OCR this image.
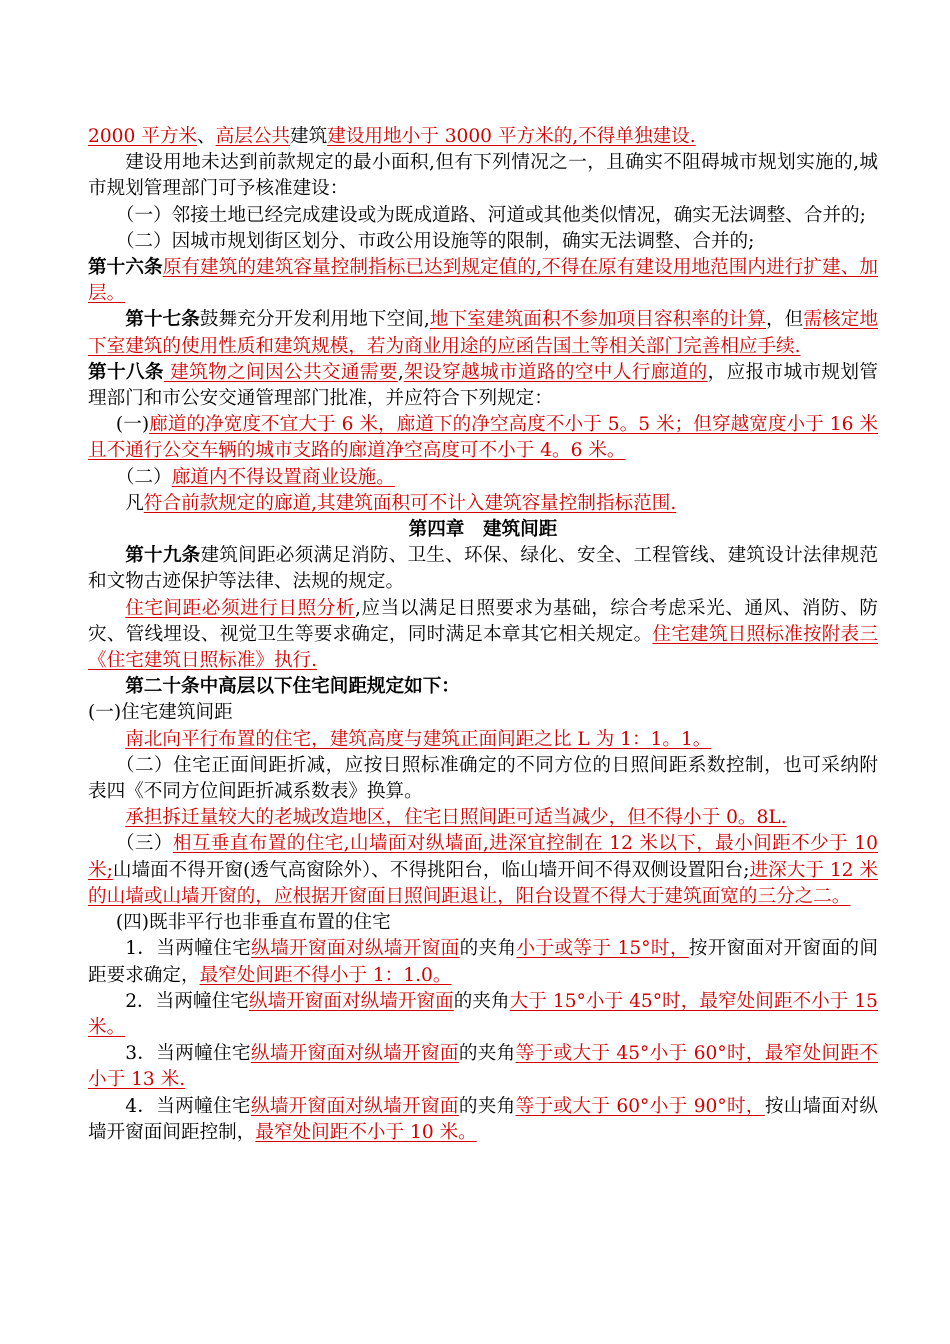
2000 平方米、高层公共建筑建设用地小于 3000 平方米的,不得单独建设.

建设用地未达到前款规定的最小面积,但有下列情况之一，且确实不阻碍城市规划实施的,城市规划管理部门可予核准建设：

（一）邻接土地已经完成建设或为既成道路、河道或其他类似情况，确实无法调整、合并的;

（二）因城市规划街区划分、市政公用设施等的限制，确实无法调整、合并的;

第十六条原有建筑的建筑容量控制指标已达到规定值的,不得在原有建设用地范围内进行扩建、加层。

第十七条鼓舞充分开发利用地下空间,地下室建筑面积不参加项目容积率的计算，但需核定地下室建筑的使用性质和建筑规模，若为商业用途的应函告国土等相关部门完善相应手续.

第十八条 建筑物之间因公共交通需要,架设穿越城市道路的空中人行廊道的，应报市城市规划管理部门和市公安交通管理部门批准，并应符合下列规定：

(一)廊道的净宽度不宜大于 6 米，廊道下的净空高度不小于 5。5 米；但穿越宽度小于 16 米且不通行公交车辆的城市支路的廊道净空高度可不小于 4。6 米。

（二）廊道内不得设置商业设施。

凡符合前款规定的廊道,其建筑面积可不计入建筑容量控制指标范围.

第四章　建筑间距

第十九条建筑间距必须满足消防、卫生、环保、绿化、安全、工程管线、建筑设计法律规范和文物古迹保护等法律、法规的规定。

住宅间距必须进行日照分析,应当以满足日照要求为基础，综合考虑采光、通风、消防、防灾、管线埋设、视觉卫生等要求确定，同时满足本章其它相关规定。住宅建筑日照标准按附表三《住宅建筑日照标准》执行.

第二十条中高层以下住宅间距规定如下：

(一)住宅建筑间距

南北向平行布置的住宅，建筑高度与建筑正面间距之比 L 为 1：1。1。

（二）住宅正面间距折减，应按日照标准确定的不同方位的日照间距系数控制，也可采纳附表四《不同方位间距折减系数表》换算。

承担拆迁量较大的老城改造地区，住宅日照间距可适当减少，但不得小于 0。8L.

（三）相互垂直布置的住宅,山墙面对纵墙面,进深宜控制在 12 米以下，最小间距不少于 10 米;山墙面不得开窗(透气高窗除外）、不得挑阳台，临山墙开间不得双侧设置阳台;进深大于 12 米的山墙或山墙开窗的，应根据开窗面日照间距退让，阳台设置不得大于建筑面宽的三分之二。

(四)既非平行也非垂直布置的住宅

1．当两幢住宅纵墙开窗面对纵墙开窗面的夹角小于或等于 15°时，按开窗面对开窗面的间距要求确定，最窄处间距不得小于 1：1.0。

2．当两幢住宅纵墙开窗面对纵墙开窗面的夹角大于 15°小于 45°时，最窄处间距不小于 15 米。

3．当两幢住宅纵墙开窗面对纵墙开窗面的夹角等于或大于 45°小于 60°时，最窄处间距不小于 13 米.

4．当两幢住宅纵墙开窗面对纵墙开窗面的夹角等于或大于 60°小于 90°时，按山墙面对纵墙开窗面间距控制，最窄处间距不小于 10 米。
